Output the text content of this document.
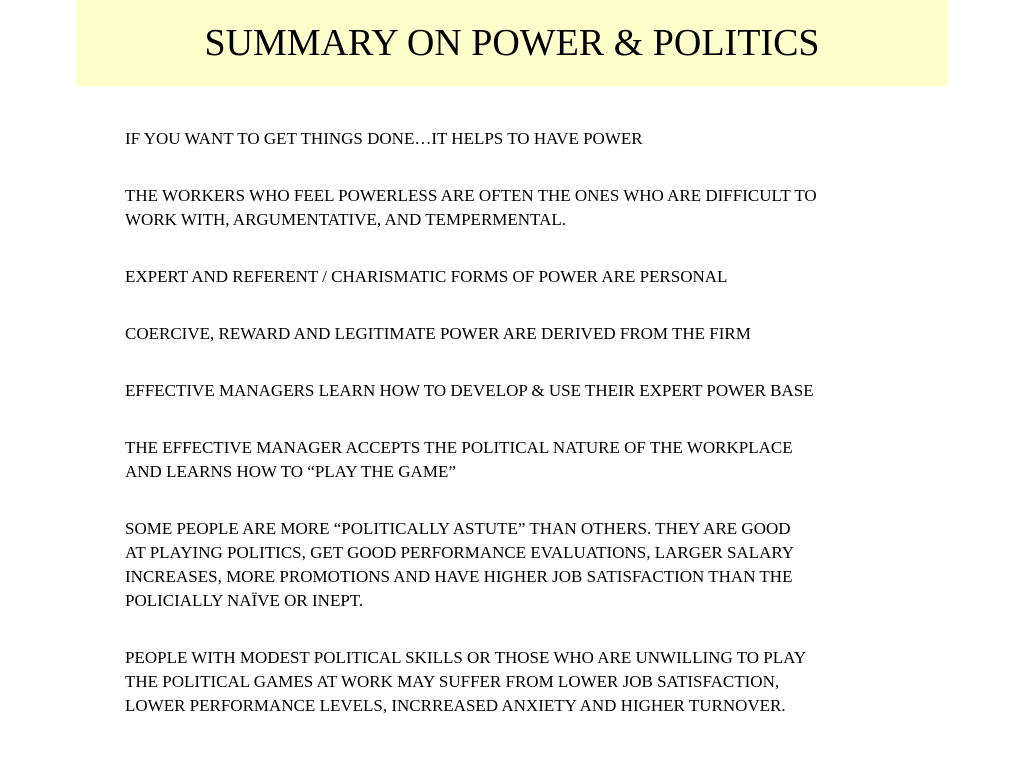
SUMMARY ON POWER & POLITICS

IF YOU WANT TO GET THINGS DONE…IT HELPS TO HAVE POWER

THE WORKERS WHO FEEL POWERLESS ARE OFTEN THE ONES WHO ARE DIFFICULT TO
WORK WITH, ARGUMENTATIVE, AND TEMPERMENTAL.

EXPERT AND REFERENT / CHARISMATIC FORMS OF POWER ARE PERSONAL

COERCIVE, REWARD AND LEGITIMATE POWER ARE DERIVED FROM THE FIRM

EFFECTIVE MANAGERS LEARN HOW TO DEVELOP & USE THEIR EXPERT POWER BASE

THE EFFECTIVE MANAGER ACCEPTS THE POLITICAL NATURE OF THE WORKPLACE
AND LEARNS HOW TO “PLAY THE GAME”

SOME PEOPLE ARE MORE “POLITICALLY ASTUTE” THAN OTHERS. THEY ARE GOOD
AT PLAYING POLITICS, GET GOOD PERFORMANCE EVALUATIONS, LARGER SALARY
INCREASES, MORE PROMOTIONS AND HAVE HIGHER JOB SATISFACTION THAN THE
POLICIALLY NAÏVE OR INEPT.

PEOPLE WITH MODEST POLITICAL SKILLS OR THOSE WHO ARE UNWILLING TO PLAY
THE POLITICAL GAMES AT WORK MAY SUFFER FROM LOWER JOB SATISFACTION,
LOWER PERFORMANCE LEVELS, INCRREASED ANXIETY AND HIGHER TURNOVER.
